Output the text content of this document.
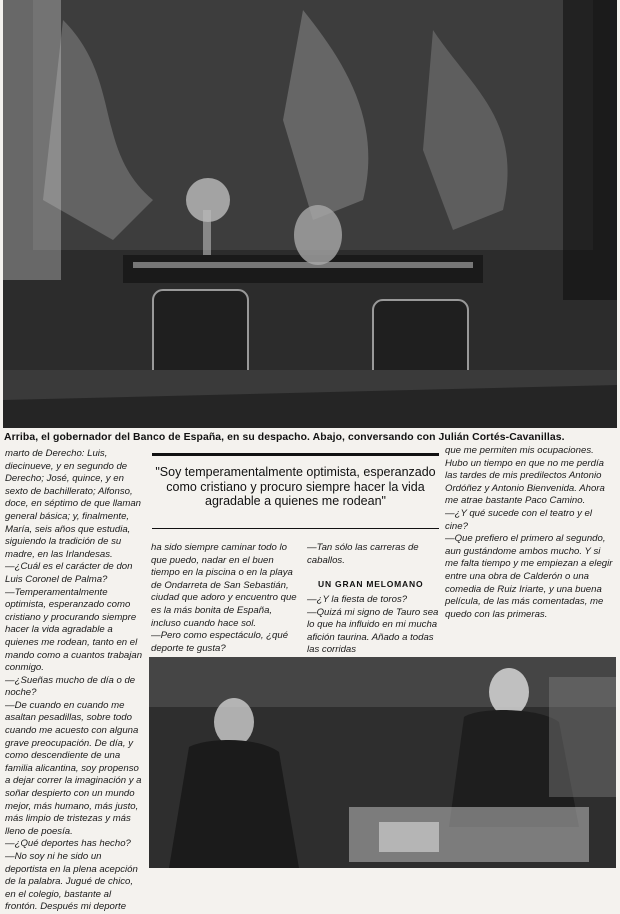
Arriba, el gobernador del Banco de España, en su despacho. Abajo, conversando con Julián Cortés-Cavanillas.

marto de Derecho: Luis, diecinueve, y en segundo de Derecho; José, quince, y en sexto de bachillerato; Alfonso, doce, en séptimo de que llaman general básica; y, finalmente, María, seis años que estudia, siguiendo la tradición de su madre, en las Irlandesas.

—¿Cuál es el carácter de don Luis Coronel de Palma?

—Temperamentalmente optimista, esperanzado como cristiano y procurando siempre hacer la vida agradable a quienes me rodean, tanto en el mando como a cuantos trabajan conmigo.

—¿Sueñas mucho de día o de noche?

—De cuando en cuando me asaltan pesadillas, sobre todo cuando me acuesto con alguna grave preocupación. De día, y como descendiente de una familia alicantina, soy propenso a dejar correr la imaginación y a soñar despierto con un mundo mejor, más humano, más justo, más limpio de tristezas y más lleno de poesía.

—¿Qué deportes has hecho?

—No soy ni he sido un deportista en la plena acepción de la palabra. Jugué de chico, en el colegio, bastante al frontón. Después mi deporte

"Soy temperamentalmente optimista, esperanzado como cristiano y procuro siempre hacer la vida agradable a quienes me rodean"

ha sido siempre caminar todo lo que puedo, nadar en el buen tiempo en la piscina o en la playa de Ondarreta de San Sebastián, ciudad que adoro y encuentro que es la más bonita de España, incluso cuando hace sol.

—Pero como espectáculo, ¿qué deporte te gusta?

—Tan sólo las carreras de caballos.

UN GRAN MELOMANO

—¿Y la fiesta de toros?

—Quizá mi signo de Tauro sea lo que ha influido en mi mucha afición taurina. Añado a todas las corridas

que me permiten mis ocupaciones. Hubo un tiempo en que no me perdía las tardes de mis predilectos Antonio Ordóñez y Antonio Bienvenida. Ahora me atrae bastante Paco Camino.

—¿Y qué sucede con el teatro y el cine?

—Que prefiero el primero al segundo, aun gustándome ambos mucho. Y si me falta tiempo y me empiezan a elegir entre una obra de Calderón o una comedia de Ruiz Iriarte, y una buena película, de las más comentadas, me quedo con las primeras.
